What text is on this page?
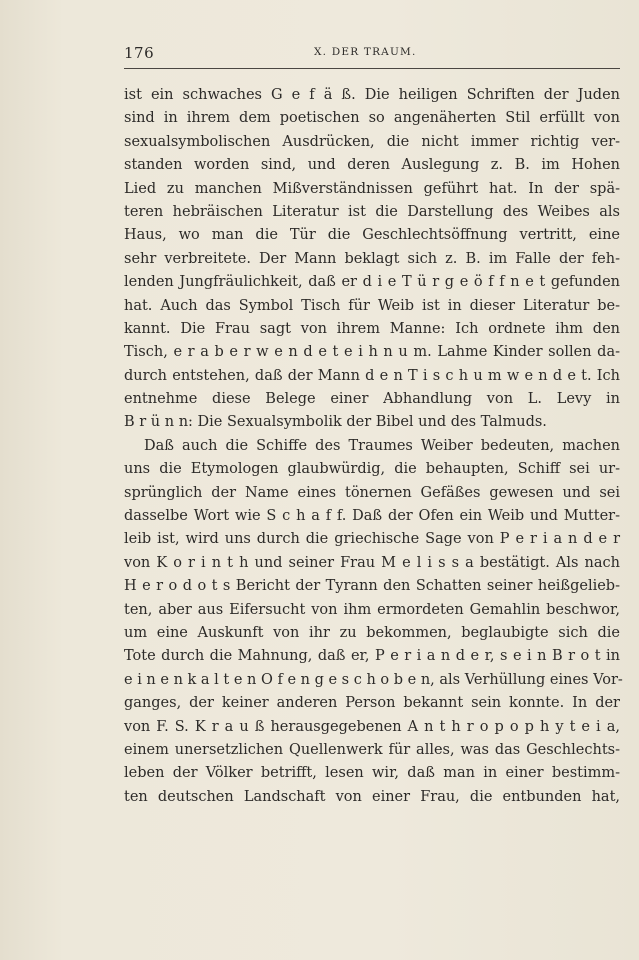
176	X. DER TRAUM.
ist ein schwaches G e f ä ß. Die heiligen Schriften der Juden
sind in ihrem dem poetischen so angenäherten Stil erfüllt von
sexualsymbolischen Ausdrücken, die nicht immer richtig ver-
standen worden sind, und deren Auslegung z. B. im Hohen
Lied zu manchen Mißverständnissen geführt hat. In der spä-
teren hebräischen Literatur ist die Darstellung des Weibes als
Haus, wo man die Tür die Geschlechtsöffnung vertritt, eine
sehr verbreitete. Der Mann beklagt sich z. B. im Falle der feh-
lenden Jungfräulichkeit, daß er d i e T ü r g e ö f f n e t gefunden
hat. Auch das Symbol Tisch für Weib ist in dieser Literatur be-
kannt. Die Frau sagt von ihrem Manne: Ich ordnete ihm den
Tisch, e r a b e r w e n d e t e i h n u m. Lahme Kinder sollen da-
durch entstehen, daß der Mann d e n T i s c h u m w e n d e t. Ich
entnehme diese Belege einer Abhandlung von L. Levy in
B r ü n n: Die Sexualsymbolik der Bibel und des Talmuds.
Daß auch die Schiffe des Traumes Weiber bedeuten, machen
uns die Etymologen glaubwürdig, die behaupten, Schiff sei ur-
sprünglich der Name eines tönernen Gefäßes gewesen und sei
dasselbe Wort wie S c h a f f. Daß der Ofen ein Weib und Mutter-
leib ist, wird uns durch die griechische Sage von P e r i a n d e r
von K o r i n t h und seiner Frau M e l i s s a bestätigt. Als nach
H e r o d o t s Bericht der Tyrann den Schatten seiner heißgelieb-
ten, aber aus Eifersucht von ihm ermordeten Gemahlin beschwor,
um eine Auskunft von ihr zu bekommen, beglaubigte sich die
Tote durch die Mahnung, daß er, P e r i a n d e r, s e i n B r o t in
e i n e n k a l t e n O f e n g e s c h o b e n, als Verhüllung eines Vor-
ganges, der keiner anderen Person bekannt sein konnte. In der
von F. S. K r a u ß herausgegebenen A n t h r o p o p h y t e i a,
einem unersetzlichen Quellenwerk für alles, was das Geschlechts-
leben der Völker betrifft, lesen wir, daß man in einer bestimm-
ten deutschen Landschaft von einer Frau, die entbunden hat,
